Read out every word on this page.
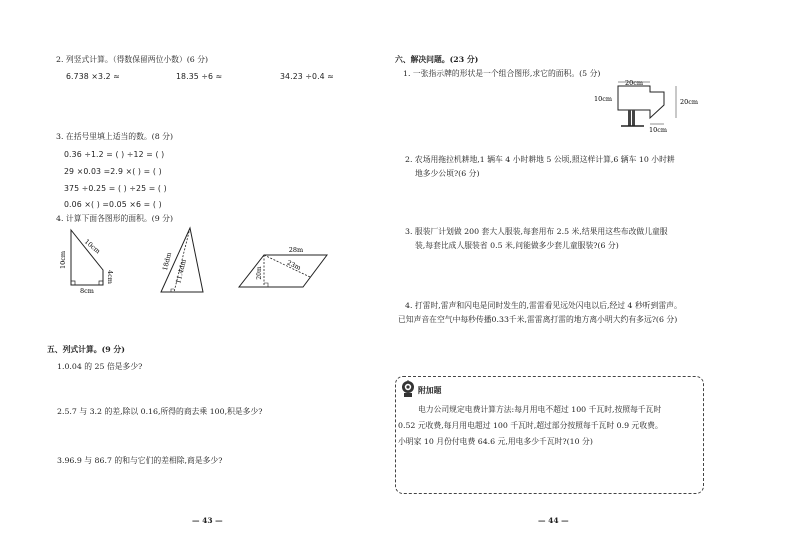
2. 列竖式计算。（得数保留两位小数）(6 分)
6.738 ×3.2 ≈	18.35 ÷6 ≈	34.23 ÷0.4 ≈
3. 在括号里填上适当的数。(8 分)
0.36 ÷1.2 = ( ) ÷12 = ( )
29 ×0.03 =2.9 ×( ) = ( )
375 ÷0.25 = ( ) ÷25 = ( )
0.06 ×( ) =0.05 ×6 = ( )
4. 计算下面各图形的面积。(9 分)
10cm
10cm
4cm
8cm
18dm 11.4dm
28m
23m
20m
五、列式计算。(9 分)
1.0.04 的 25 倍是多少?
2.5.7 与 3.2 的差,除以 0.16,所得的商去乘 100,积是多少?
3.96.9 与 86.7 的和与它们的差相除,商是多少?
— 43 —
六、解决问题。(23 分)
1. 一张指示牌的形状是一个组合图形,求它的面积。(5 分)
20cm
10cm	20cm
10cm
2. 农场用拖拉机耕地,1 辆车 4 小时耕地 5 公顷,照这样计算,6 辆车 10 小时耕
地多少公顷?(6 分)
3. 服装厂计划做 200 套大人服装,每套用布 2.5 米,结果用这些布改做儿童服
装,每套比成人服装省 0.5 米,问能做多少套儿童服装?(6 分)
4. 打雷时,雷声和闪电是同时发生的,雷雷看见远处闪电以后,经过 4 秒听到雷声。
已知声音在空气中每秒传播0.33千米,雷雷离打雷的地方离小明大约有多远?(6 分)
附加题
电力公司规定电费计算方法:每月用电不超过 100 千瓦时,按照每千瓦时
0.52 元收费,每月用电超过 100 千瓦时,超过部分按照每千瓦时 0.9 元收费。
小明家 10 月份付电费 64.6 元,用电多少千瓦时?(10 分)
— 44 —
